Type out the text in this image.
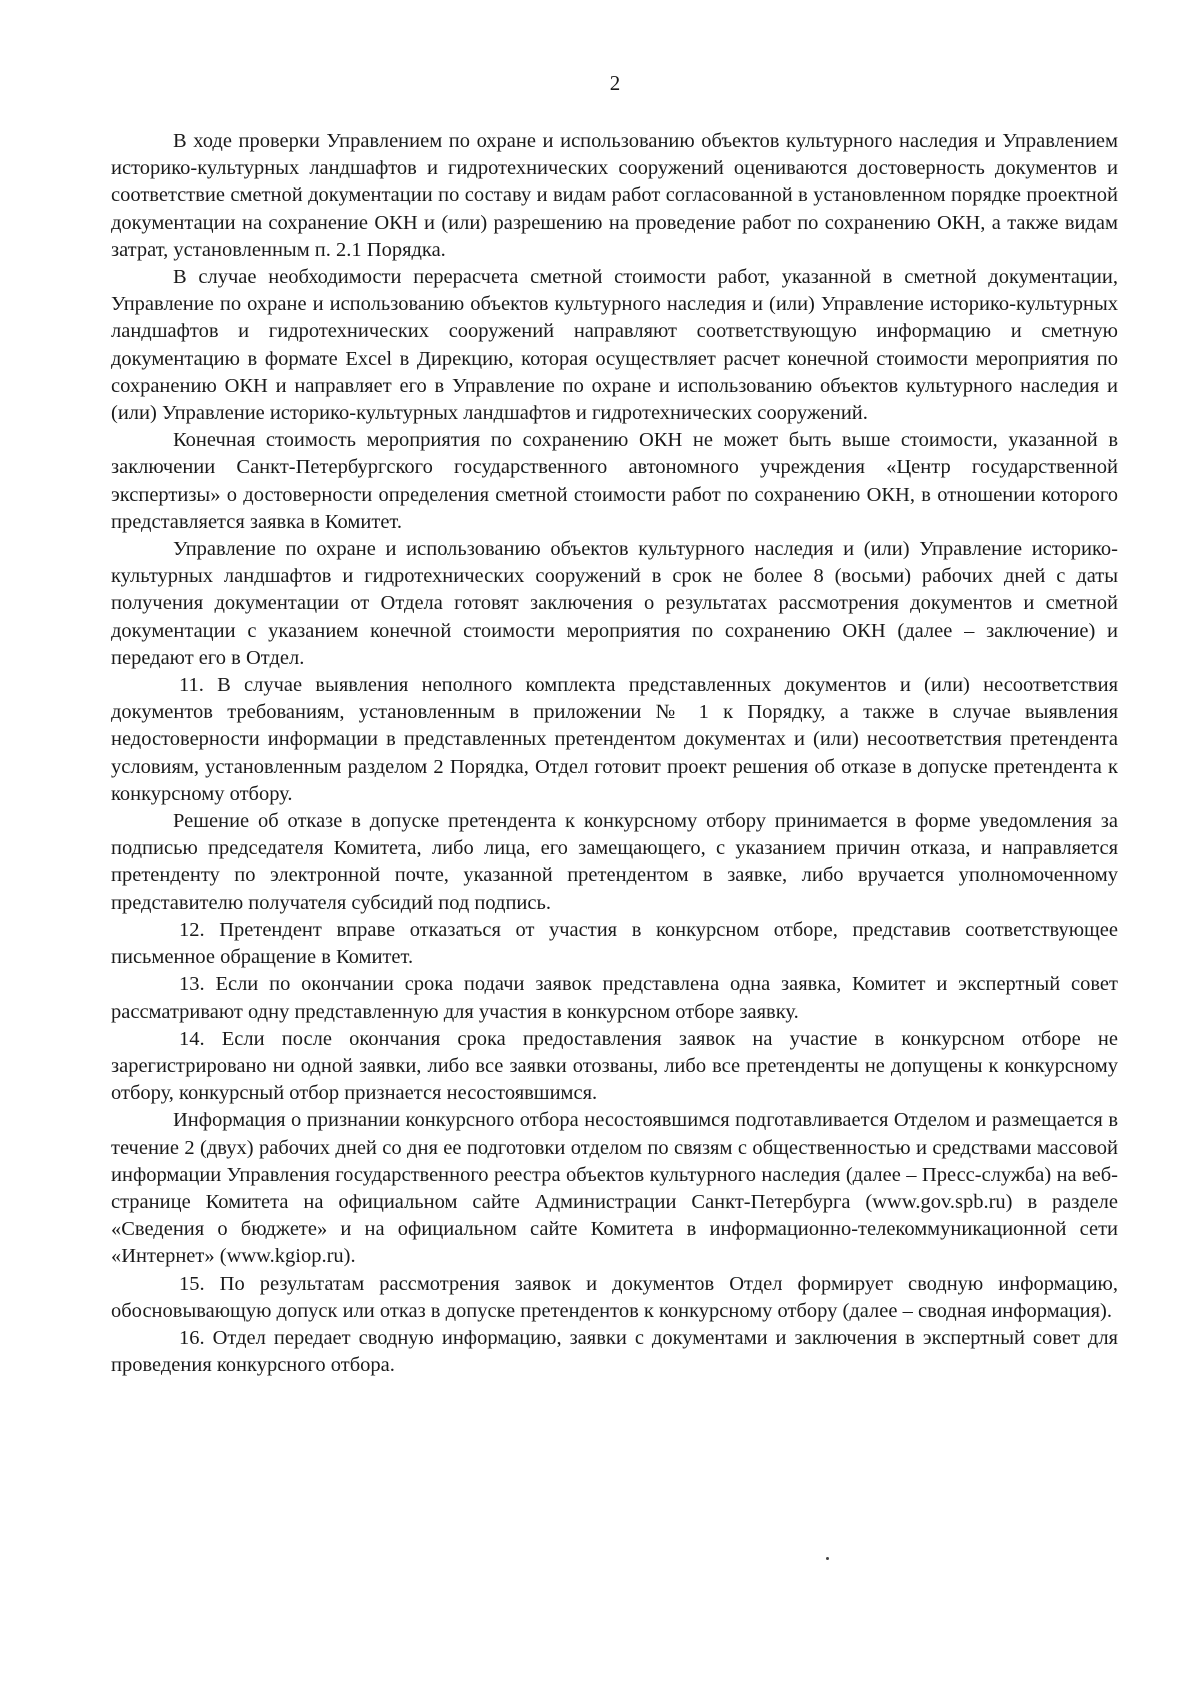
2

В ходе проверки Управлением по охране и использованию объектов культурного наследия и Управлением историко-культурных ландшафтов и гидротехнических сооружений оцениваются достоверность документов и соответствие сметной документации по составу и видам работ согласованной в установленном порядке проектной документации на сохранение ОКН и (или) разрешению на проведение работ по сохранению ОКН, а также видам затрат, установленным п. 2.1 Порядка.

В случае необходимости перерасчета сметной стоимости работ, указанной в сметной документации, Управление по охране и использованию объектов культурного наследия и (или) Управление историко-культурных ландшафтов и гидротехнических сооружений направляют соответствующую информацию и сметную документацию в формате Excel в Дирекцию, которая осуществляет расчет конечной стоимости мероприятия по сохранению ОКН и направляет его в Управление по охране и использованию объектов культурного наследия и (или) Управление историко-культурных ландшафтов и гидротехнических сооружений.

Конечная стоимость мероприятия по сохранению ОКН не может быть выше стоимости, указанной в заключении Санкт-Петербургского государственного автономного учреждения «Центр государственной экспертизы» о достоверности определения сметной стоимости работ по сохранению ОКН, в отношении которого представляется заявка в Комитет.

Управление по охране и использованию объектов культурного наследия и (или) Управление историко-культурных ландшафтов и гидротехнических сооружений в срок не более 8 (восьми) рабочих дней с даты получения документации от Отдела готовят заключения о результатах рассмотрения документов и сметной документации с указанием конечной стоимости мероприятия по сохранению ОКН (далее – заключение) и передают его в Отдел.

11. В случае выявления неполного комплекта представленных документов и (или) несоответствия документов требованиям, установленным в приложении № 1 к Порядку, а также в случае выявления недостоверности информации в представленных претендентом документах и (или) несоответствия претендента условиям, установленным разделом 2 Порядка, Отдел готовит проект решения об отказе в допуске претендента к конкурсному отбору.

Решение об отказе в допуске претендента к конкурсному отбору принимается в форме уведомления за подписью председателя Комитета, либо лица, его замещающего, с указанием причин отказа, и направляется претенденту по электронной почте, указанной претендентом в заявке, либо вручается уполномоченному представителю получателя субсидий под подпись.

12. Претендент вправе отказаться от участия в конкурсном отборе, представив соответствующее письменное обращение в Комитет.

13. Если по окончании срока подачи заявок представлена одна заявка, Комитет и экспертный совет рассматривают одну представленную для участия в конкурсном отборе заявку.

14. Если после окончания срока предоставления заявок на участие в конкурсном отборе не зарегистрировано ни одной заявки, либо все заявки отозваны, либо все претенденты не допущены к конкурсному отбору, конкурсный отбор признается несостоявшимся.

Информация о признании конкурсного отбора несостоявшимся подготавливается Отделом и размещается в течение 2 (двух) рабочих дней со дня ее подготовки отделом по связям с общественностью и средствами массовой информации Управления государственного реестра объектов культурного наследия (далее – Пресс-служба) на веб-странице Комитета на официальном сайте Администрации Санкт-Петербурга (www.gov.spb.ru) в разделе «Сведения о бюджете» и на официальном сайте Комитета в информационно-телекоммуникационной сети «Интернет» (www.kgiop.ru).

15. По результатам рассмотрения заявок и документов Отдел формирует сводную информацию, обосновывающую допуск или отказ в допуске претендентов к конкурсному отбору (далее – сводная информация).

16. Отдел передает сводную информацию, заявки с документами и заключения в экспертный совет для проведения конкурсного отбора.
